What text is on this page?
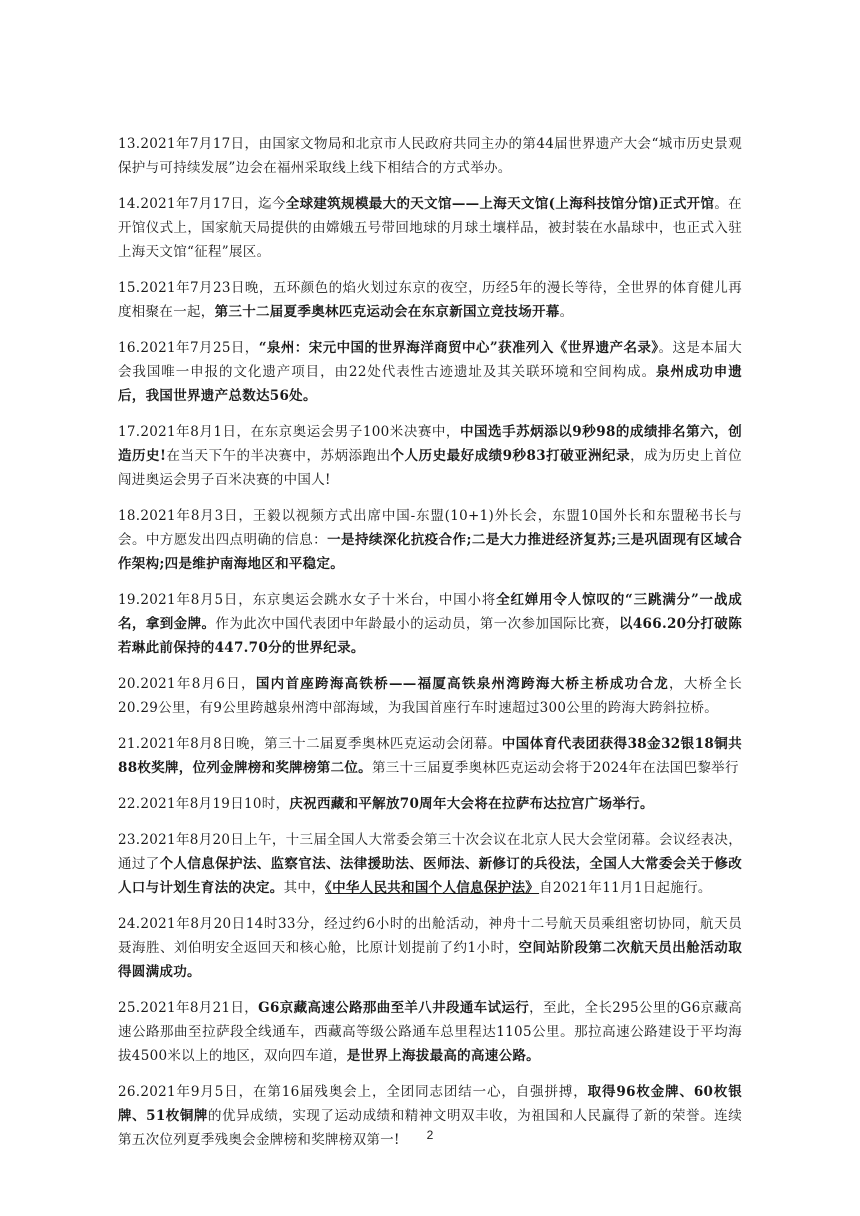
13.2021年7月17日，由国家文物局和北京市人民政府共同主办的第44届世界遗产大会“城市历史景观保护与可持续发展”边会在福州采取线上线下相结合的方式举办。

14.2021年7月17日，迄今全球建筑规模最大的天文馆——上海天文馆(上海科技馆分馆)正式开馆。在开馆仪式上，国家航天局提供的由嫦娥五号带回地球的月球土壤样品，被封装在水晶球中，也正式入驻上海天文馆“征程”展区。

15.2021年7月23日晚，五环颜色的焰火划过东京的夜空，历经5年的漫长等待，全世界的体育健儿再度相聚在一起，第三十二届夏季奥林匹克运动会在东京新国立竞技场开幕。

16.2021年7月25日，“泉州：宋元中国的世界海洋商贸中心”获准列入《世界遗产名录》。这是本届大会我国唯一申报的文化遗产项目，由22处代表性古迹遗址及其关联环境和空间构成。泉州成功申遗后，我国世界遗产总数达56处。

17.2021年8月1日，在东京奥运会男子100米决赛中，中国选手苏炳添以9秒98的成绩排名第六，创造历史!在当天下午的半决赛中，苏炳添跑出个人历史最好成绩9秒83打破亚洲纪录，成为历史上首位闯进奥运会男子百米决赛的中国人!

18.2021年8月3日，王毅以视频方式出席中国-东盟(10+1)外长会，东盟10国外长和东盟秘书长与会。中方愿发出四点明确的信息：一是持续深化抗疫合作;二是大力推进经济复苏;三是巩固现有区域合作架构;四是维护南海地区和平稳定。

19.2021年8月5日，东京奥运会跳水女子十米台，中国小将全红婵用令人惊叹的“三跳满分”一战成名，拿到金牌。作为此次中国代表团中年龄最小的运动员，第一次参加国际比赛，以466.20分打破陈若琳此前保持的447.70分的世界纪录。

20.2021年8月6日，国内首座跨海高铁桥——福厦高铁泉州湾跨海大桥主桥成功合龙，大桥全长20.29公里，有9公里跨越泉州湾中部海域，为我国首座行车时速超过300公里的跨海大跨斜拉桥。

21.2021年8月8日晚，第三十二届夏季奥林匹克运动会闭幕。中国体育代表团获得38金32银18铜共88枚奖牌，位列金牌榜和奖牌榜第二位。第三十三届夏季奥林匹克运动会将于2024年在法国巴黎举行

22.2021年8月19日10时，庆祝西藏和平解放70周年大会将在拉萨布达拉宫广场举行。

23.2021年8月20日上午，十三届全国人大常委会第三十次会议在北京人民大会堂闭幕。会议经表决，通过了个人信息保护法、监察官法、法律援助法、医师法、新修订的兵役法，全国人大常委会关于修改人口与计划生育法的决定。其中，《中华人民共和国个人信息保护法》自2021年11月1日起施行。

24.2021年8月20日14时33分，经过约6小时的出舱活动，神舟十二号航天员乘组密切协同，航天员聂海胜、刘伯明安全返回天和核心舱，比原计划提前了约1小时，空间站阶段第二次航天员出舱活动取得圆满成功。

25.2021年8月21日，G6京藏高速公路那曲至羊八井段通车试运行，至此，全长295公里的G6京藏高速公路那曲至拉萨段全线通车，西藏高等级公路通车总里程达1105公里。那拉高速公路建设于平均海拔4500米以上的地区，双向四车道，是世界上海拔最高的高速公路。

26.2021年9月5日，在第16届残奥会上，全团同志团结一心，自强拼搏，取得96枚金牌、60枚银牌、51枚铜牌的优异成绩，实现了运动成绩和精神文明双丰收，为祖国和人民赢得了新的荣誉。连续第五次位列夏季残奥会金牌榜和奖牌榜双第一!	2
